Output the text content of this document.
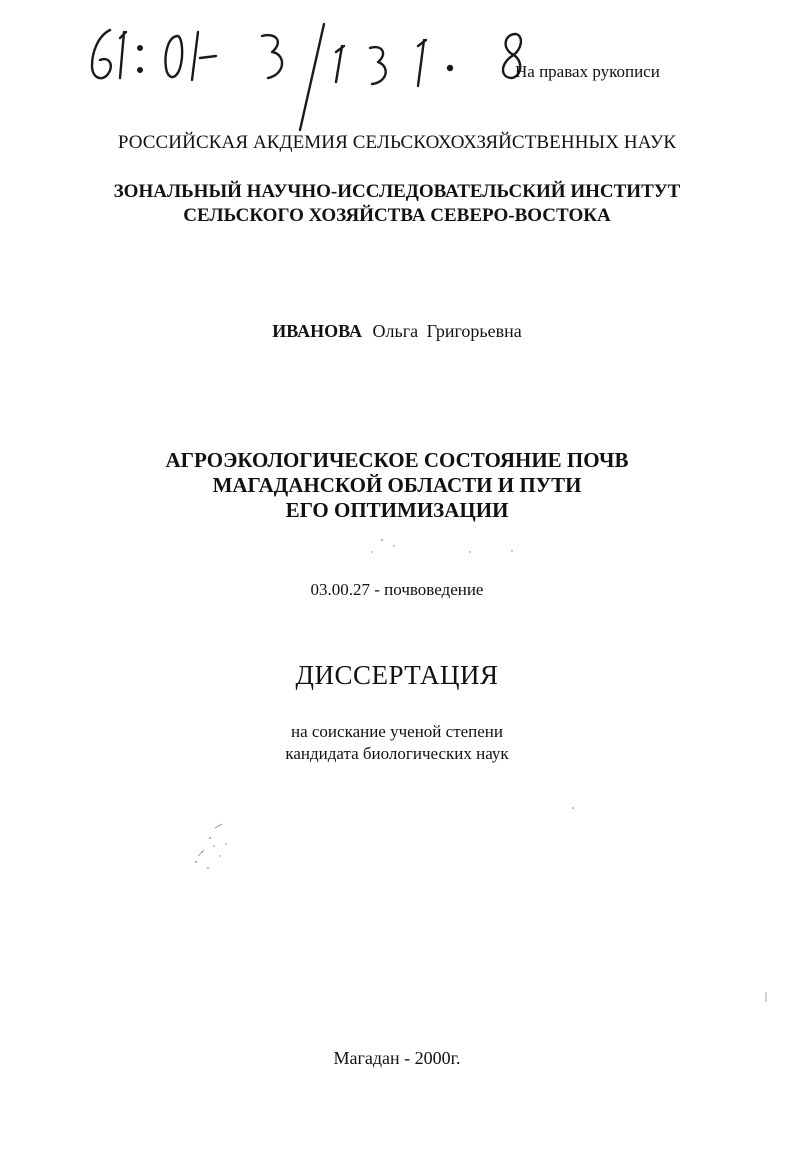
На правах рукописи
РОССИЙСКАЯ АКДЕМИЯ СЕЛЬСКОХОХЗЯЙСТВЕННЫХ НАУК
ЗОНАЛЬНЫЙ НАУЧНО-ИССЛЕДОВАТЕЛЬСКИЙ ИНСТИТУТ
СЕЛЬСКОГО ХОЗЯЙСТВА СЕВЕРО-ВОСТОКА
ИВАНОВА Ольга Григорьевна
АГРОЭКОЛОГИЧЕСКОЕ СОСТОЯНИЕ ПОЧВ
МАГАДАНСКОЙ ОБЛАСТИ И ПУТИ
ЕГО ОПТИМИЗАЦИИ
03.00.27 - почвоведение
ДИССЕРТАЦИЯ
на соискание ученой степени
кандидата биологических наук
Магадан - 2000г.
